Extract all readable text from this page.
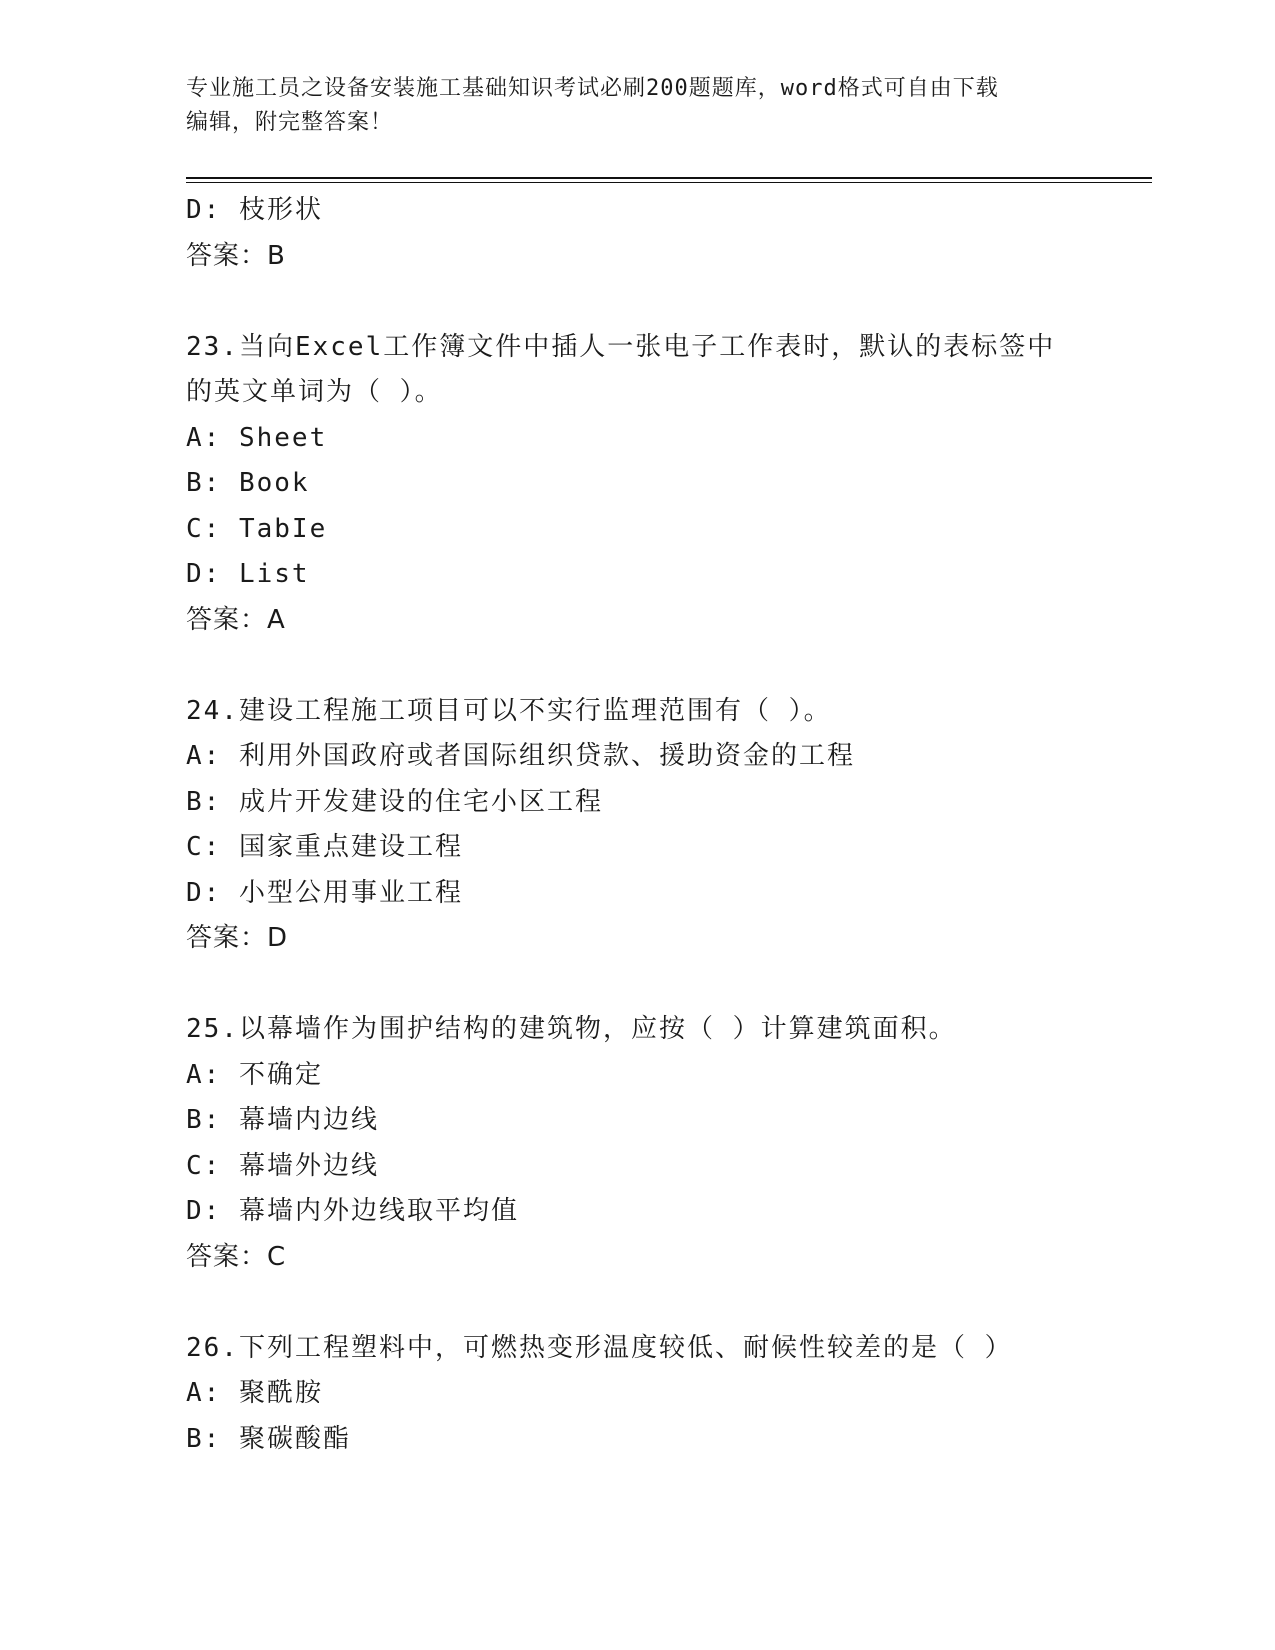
专业施工员之设备安装施工基础知识考试必刷200题题库，word格式可自由下载
编辑，附完整答案！
D: 枝形状
答案：B
23.当向Excel工作簿文件中插人一张电子工作表时，默认的表标签中
的英文单词为（ ）。
A: Sheet
B: Book
C: TabIe
D: List
答案：A
24.建设工程施工项目可以不实行监理范围有（ ）。
A: 利用外国政府或者国际组织贷款、援助资金的工程
B: 成片开发建设的住宅小区工程
C: 国家重点建设工程
D: 小型公用事业工程
答案：D
25.以幕墙作为围护结构的建筑物，应按（ ）计算建筑面积。
A: 不确定
B: 幕墙内边线
C: 幕墙外边线
D: 幕墙内外边线取平均值
答案：C
26.下列工程塑料中，可燃热变形温度较低、耐候性较差的是（ ）
A: 聚酰胺
B: 聚碳酸酯
